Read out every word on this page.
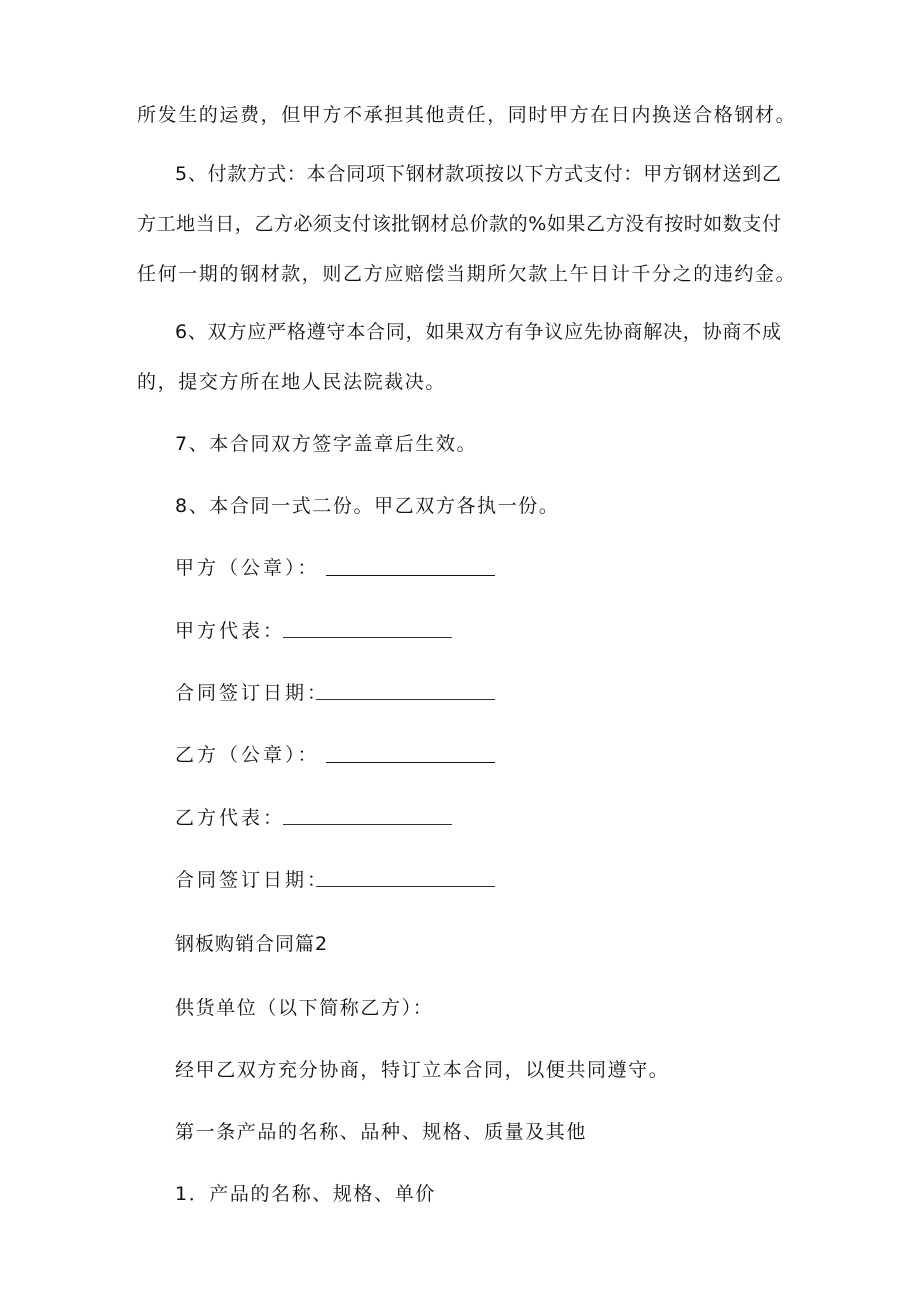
所发生的运费，但甲方不承担其他责任，同时甲方在日内换送合格钢材。
5、付款方式：本合同项下钢材款项按以下方式支付：甲方钢材送到乙
方工地当日，乙方必须支付该批钢材总价款的%如果乙方没有按时如数支付
任何一期的钢材款，则乙方应赔偿当期所欠款上午日计千分之的违约金。
6、双方应严格遵守本合同，如果双方有争议应先协商解决，协商不成
的，提交方所在地人民法院裁决。
7、本合同双方签字盖章后生效。
8、本合同一式二份。甲乙双方各执一份。
甲方（公章）：
甲方代表：
合同签订日期：
乙方（公章）：
乙方代表：
合同签订日期：
钢板购销合同篇2
供货单位（以下简称乙方）：
经甲乙双方充分协商，特订立本合同，以便共同遵守。
第一条产品的名称、品种、规格、质量及其他
1．产品的名称、规格、单价
